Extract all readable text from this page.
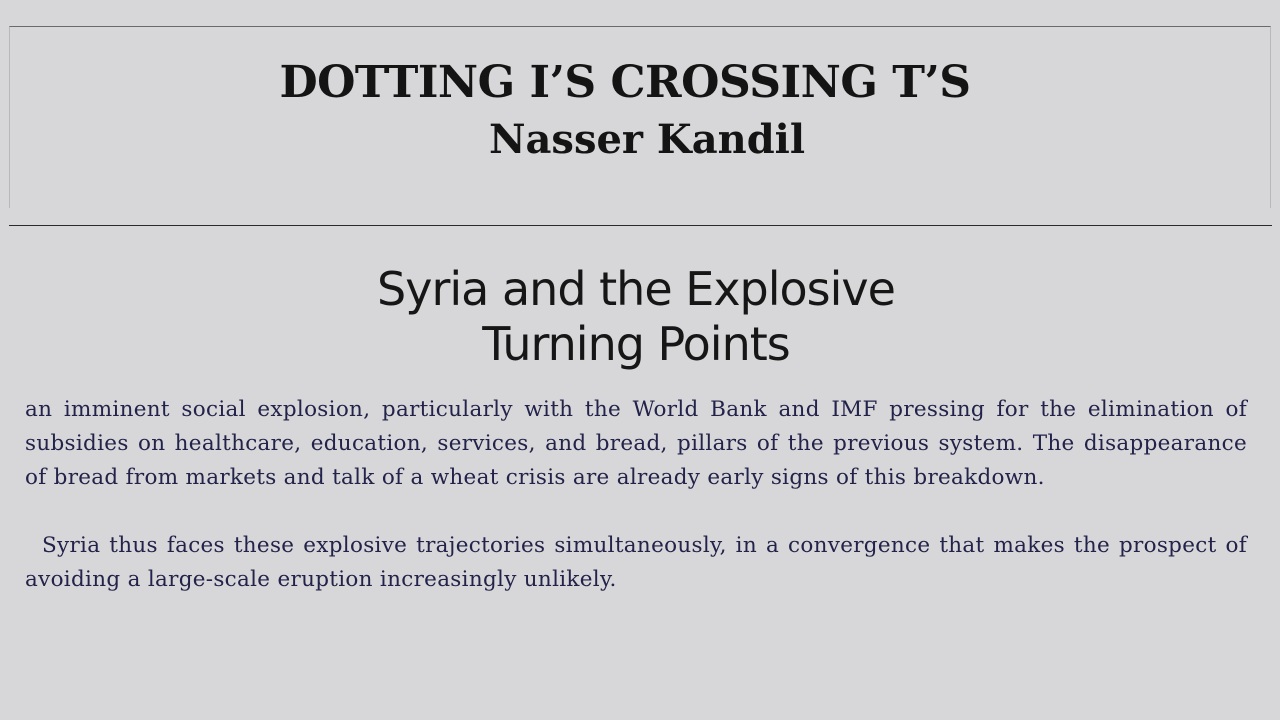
DOTTING I’S CROSSING T’S
Nasser Kandil
Syria and the Explosive
Turning Points

an imminent social explosion, particularly with the World Bank and IMF pressing for the elimination of subsidies on healthcare, education, services, and bread, pillars of the previous system. The disappearance of bread from markets and talk of a wheat crisis are already early signs of this breakdown.

Syria thus faces these explosive trajectories simultaneously, in a convergence that makes the prospect of avoiding a large-scale eruption increasingly unlikely.
